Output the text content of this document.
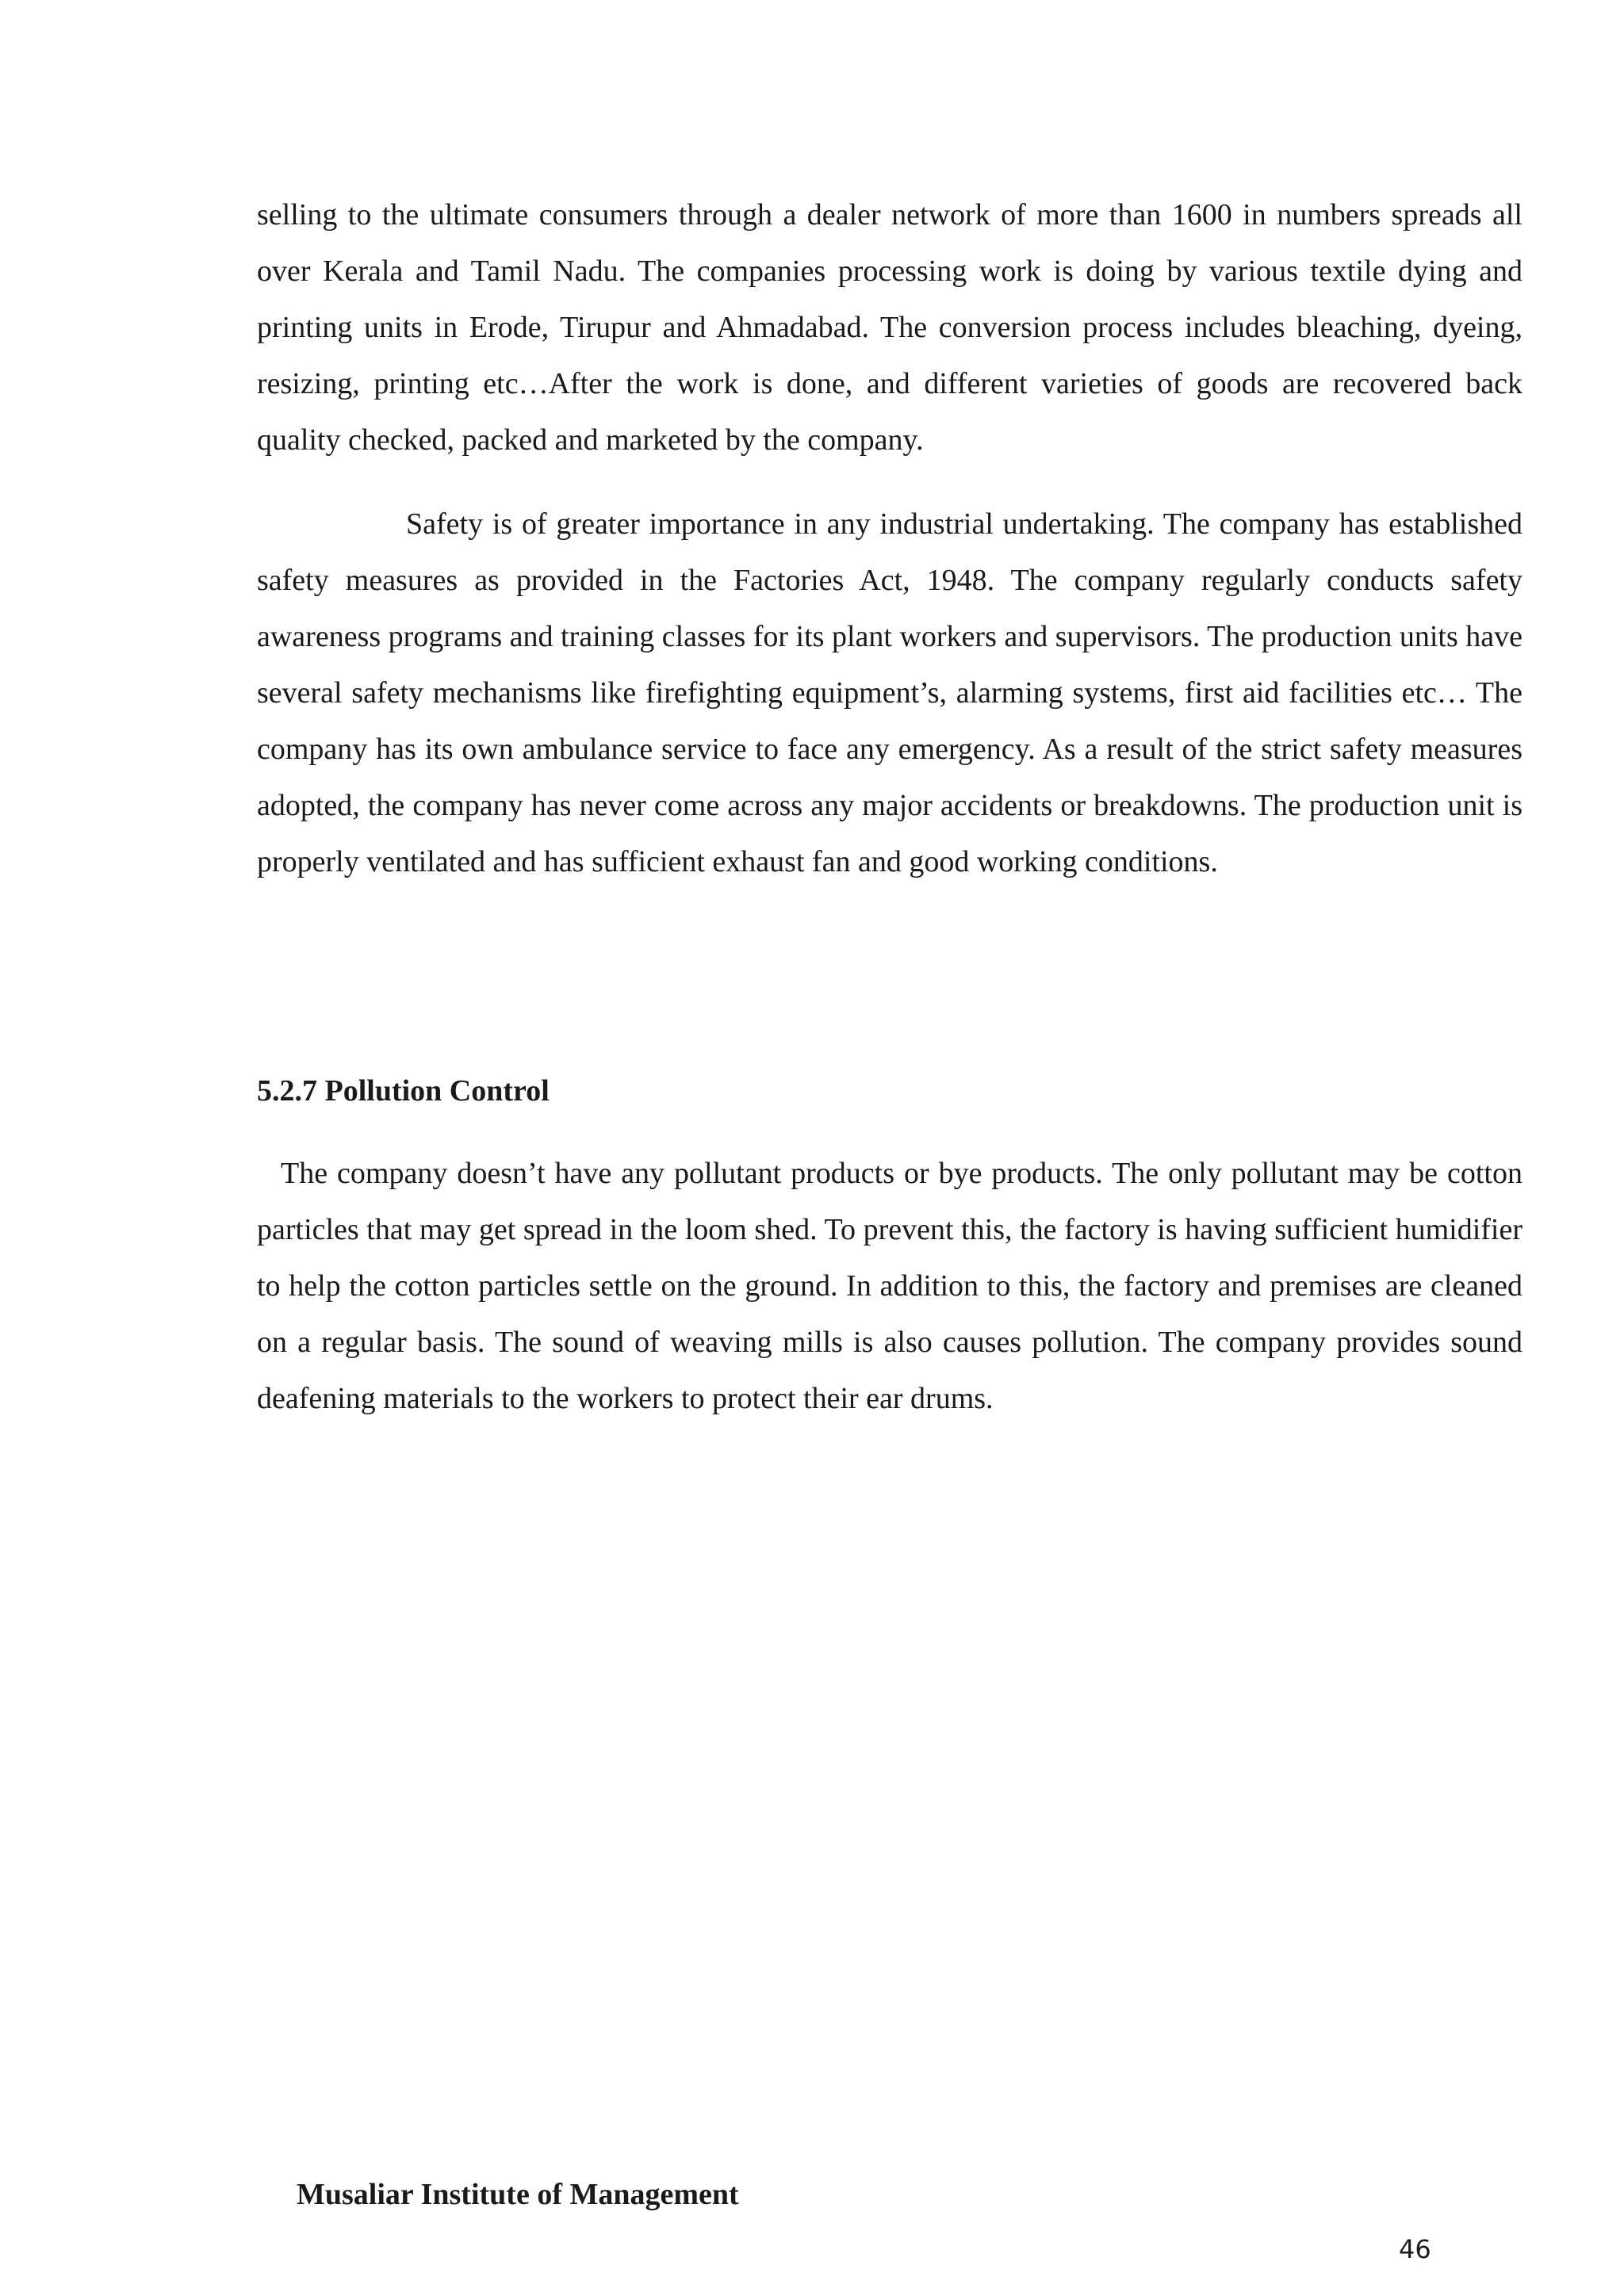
selling to the ultimate consumers through a dealer network of more than 1600 in numbers spreads all over Kerala and Tamil Nadu. The companies processing work is doing by various textile dying and printing units in Erode, Tirupur and Ahmadabad. The conversion process includes bleaching, dyeing, resizing, printing etc…After the work is done, and different varieties of goods are recovered back quality checked, packed and marketed by the company.

Safety is of greater importance in any industrial undertaking. The company has established safety measures as provided in the Factories Act, 1948. The company regularly conducts safety awareness programs and training classes for its plant workers and supervisors. The production units have several safety mechanisms like firefighting equipment’s, alarming systems, first aid facilities etc… The company has its own ambulance service to face any emergency. As a result of the strict safety measures adopted, the company has never come across any major accidents or breakdowns. The production unit is properly ventilated and has sufficient exhaust fan and good working conditions.

5.2.7 Pollution Control

The company doesn’t have any pollutant products or bye products. The only pollutant may be cotton particles that may get spread in the loom shed. To prevent this, the factory is having sufficient humidifier to help the cotton particles settle on the ground. In addition to this, the factory and premises are cleaned on a regular basis. The sound of weaving mills is also causes pollution. The company provides sound deafening materials to the workers to protect their ear drums.

Musaliar Institute of Management
46
